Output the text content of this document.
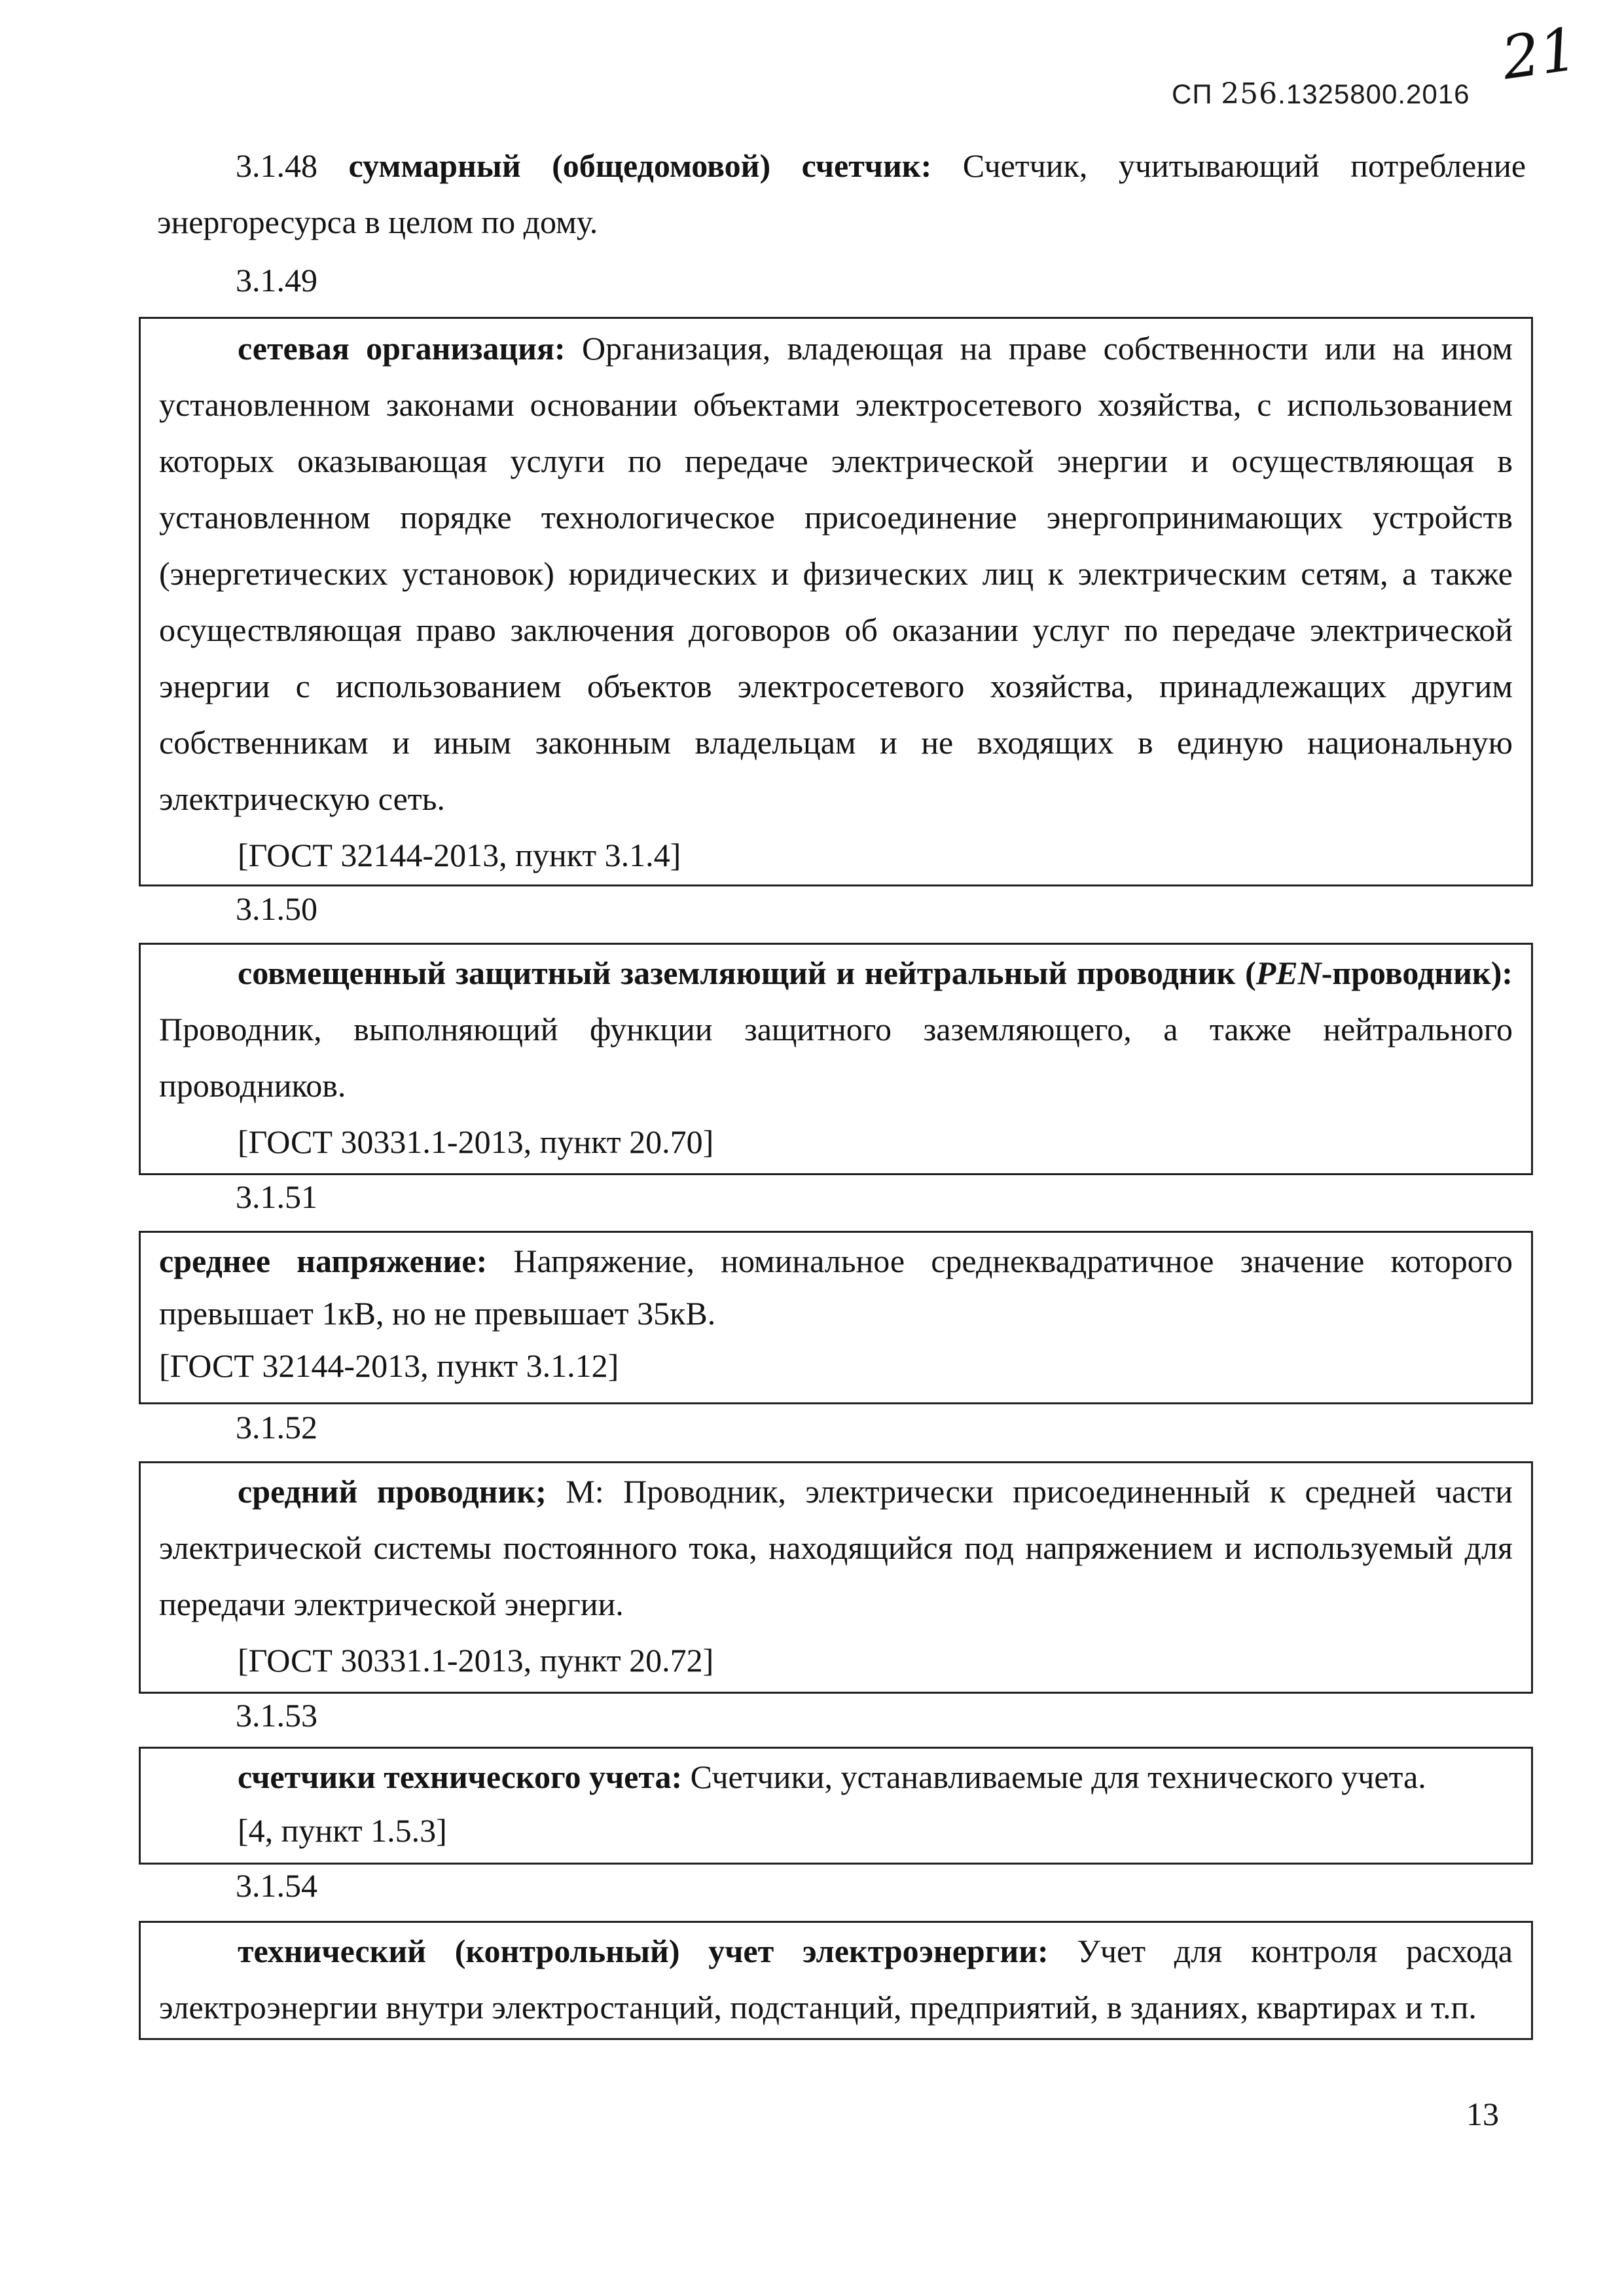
СП 256.1325800.2016
21
3.1.48 суммарный (общедомовой) счетчик: Счетчик, учитывающий потребление
энергоресурса в целом по дому.
3.1.49
сетевая организация: Организация, владеющая на праве собственности или на ином
установленном законами основании объектами электросетевого хозяйства, с использованием
которых оказывающая услуги по передаче электрической энергии и осуществляющая в
установленном порядке технологическое присоединение энергопринимающих устройств
(энергетических установок) юридических и физических лиц к электрическим сетям, а также
осуществляющая право заключения договоров об оказании услуг по передаче электрической
энергии с использованием объектов электросетевого хозяйства, принадлежащих другим
собственникам и иным законным владельцам и не входящих в единую национальную
электрическую сеть.
[ГОСТ 32144-2013, пункт 3.1.4]
3.1.50
совмещенный защитный заземляющий и нейтральный проводник (PEN-проводник):
Проводник, выполняющий функции защитного заземляющего, а также нейтрального
проводников.
[ГОСТ 30331.1-2013, пункт 20.70]
3.1.51
среднее напряжение: Напряжение, номинальное среднеквадратичное значение которого
превышает 1кВ, но не превышает 35кВ.
[ГОСТ 32144-2013, пункт 3.1.12]
3.1.52
средний проводник; М: Проводник, электрически присоединенный к средней части
электрической системы постоянного тока, находящийся под напряжением и используемый для
передачи электрической энергии.
[ГОСТ 30331.1-2013, пункт 20.72]
3.1.53
счетчики технического учета: Счетчики, устанавливаемые для технического учета.
[4, пункт 1.5.3]
3.1.54
технический (контрольный) учет электроэнергии: Учет для контроля расхода
электроэнергии внутри электростанций, подстанций, предприятий, в зданиях, квартирах и т.п.
13
